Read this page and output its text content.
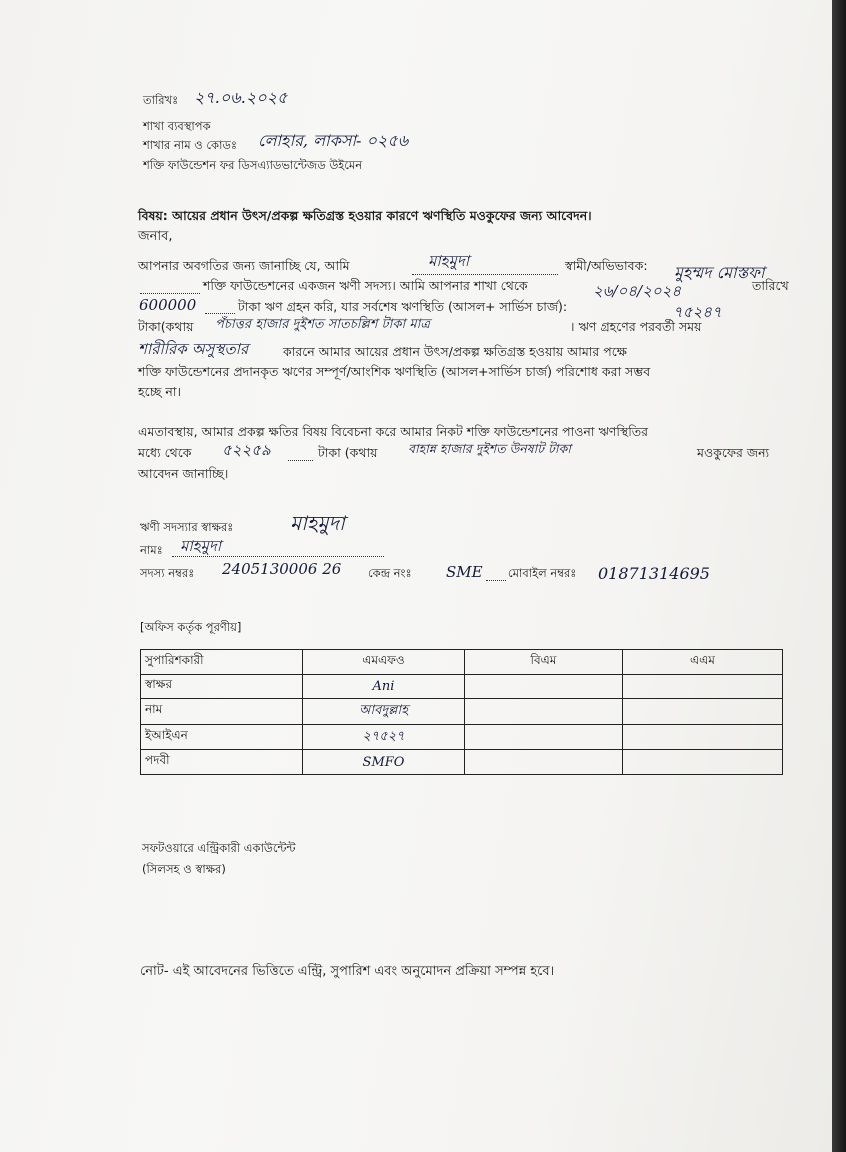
তারিখঃ ২৭.০৬.২০২৫
শাখা ব্যবস্থাপক
শাখার নাম ও কোডঃ লোহার, লাকসা- ০২৫৬
শক্তি ফাউন্ডেশন ফর ডিসএ্যাডভান্টেজড উইমেন
বিষয়: আয়ের প্রধান উৎস/প্রকল্প ক্ষতিগ্রস্ত হওয়ার কারণে ঋণস্থিতি মওকুফের জন্য আবেদন।
জনাব,
আপনার অবগতির জন্য জানাচ্ছি যে, আমি	মাহমুদা	স্বামী/অভিভাবক: মুহম্মদ মোস্তফা
শক্তি ফাউন্ডেশনের একজন ঋণী সদস্য। আমি আপনার শাখা থেকে	২৬/০৪/২০২৪	তারিখে
600000	টাকা ঋণ গ্রহন করি, যার সর্বশেষ ঋণস্থিতি (আসল+ সার্ভিস চার্জ):	৭৫২৪৭
টাকা(কথায় পঁচাত্তর হাজার দুইশত সাতচল্লিশ টাকা মাত্র	। ঋণ গ্রহণের পরবর্তী সময়
শারীরিক অসুস্থতার	কারনে আমার আয়ের প্রধান উৎস/প্রকল্প ক্ষতিগ্রস্ত হওয়ায় আমার পক্ষে
শক্তি ফাউন্ডেশনের প্রদানকৃত ঋণের সম্পূর্ণ/আংশিক ঋণস্থিতি (আসল+সার্ভিস চার্জ) পরিশোধ করা সম্ভব
হচ্ছে না।
এমতাবস্থায়, আমার প্রকল্প ক্ষতির বিষয় বিবেচনা করে আমার নিকট শক্তি ফাউন্ডেশনের পাওনা ঋণস্থিতির
মধ্যে থেকে ৫২২৫৯	টাকা (কথায় বাহান্ন হাজার দুইশত উনষাট টাকা	মওকুফের জন্য
আবেদন জানাচ্ছি।
ঋণী সদস্যার স্বাক্ষরঃ	মাহমুদা
নামঃ মাহমুদা
সদস্য নম্বরঃ 2405130006 26 কেন্দ্র নংঃ SME মোবাইল নম্বরঃ 01871314695
[অফিস কর্তৃক পূরণীয়]
সুপারিশকারী	এমএফও	বিএম	এএম
স্বাক্ষর	Ani		
নাম	আবদুল্লাহ		
ইআইএন	২৭৫২৭		
পদবী	SMFO		
সফটওয়ারে এন্ট্রিকারী একাউন্টেন্ট
(সিলসহ ও স্বাক্ষর)
নোট- এই আবেদনের ভিত্তিতে এন্ট্রি, সুপারিশ এবং অনুমোদন প্রক্রিয়া সম্পন্ন হবে।
